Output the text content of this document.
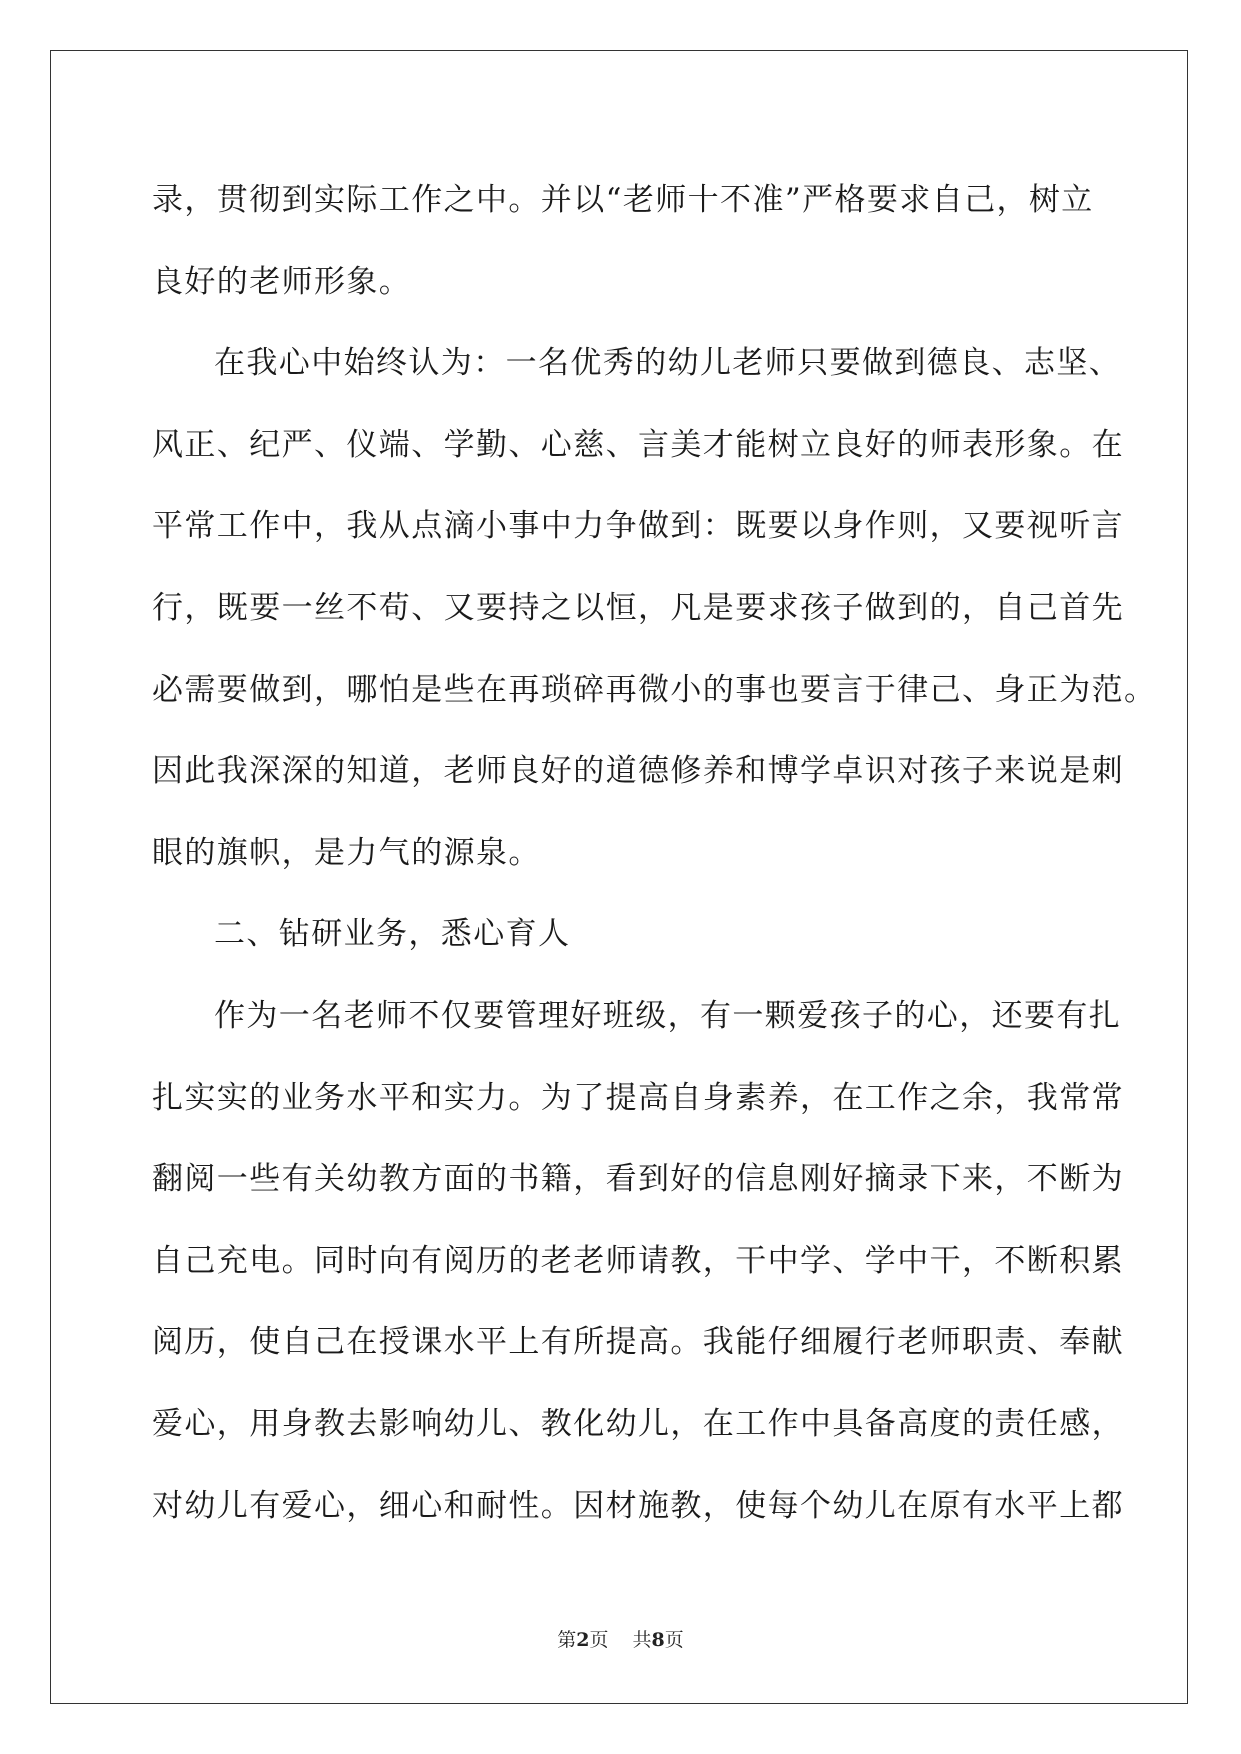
录，贯彻到实际工作之中。并以“老师十不准”严格要求自己，树立
良好的老师形象。
在我心中始终认为：一名优秀的幼儿老师只要做到德良、志坚、
风正、纪严、仪端、学勤、心慈、言美才能树立良好的师表形象。在
平常工作中，我从点滴小事中力争做到：既要以身作则，又要视听言
行，既要一丝不苟、又要持之以恒，凡是要求孩子做到的，自己首先
必需要做到，哪怕是些在再琐碎再微小的事也要言于律己、身正为范。
因此我深深的知道，老师良好的道德修养和博学卓识对孩子来说是刺
眼的旗帜，是力气的源泉。
二、钻研业务，悉心育人
作为一名老师不仅要管理好班级，有一颗爱孩子的心，还要有扎
扎实实的业务水平和实力。为了提高自身素养，在工作之余，我常常
翻阅一些有关幼教方面的书籍，看到好的信息刚好摘录下来，不断为
自己充电。同时向有阅历的老老师请教，干中学、学中干，不断积累
阅历，使自己在授课水平上有所提高。我能仔细履行老师职责、奉献
爱心，用身教去影响幼儿、教化幼儿，在工作中具备高度的责任感，
对幼儿有爱心，细心和耐性。因材施教，使每个幼儿在原有水平上都
第2页 共8页
